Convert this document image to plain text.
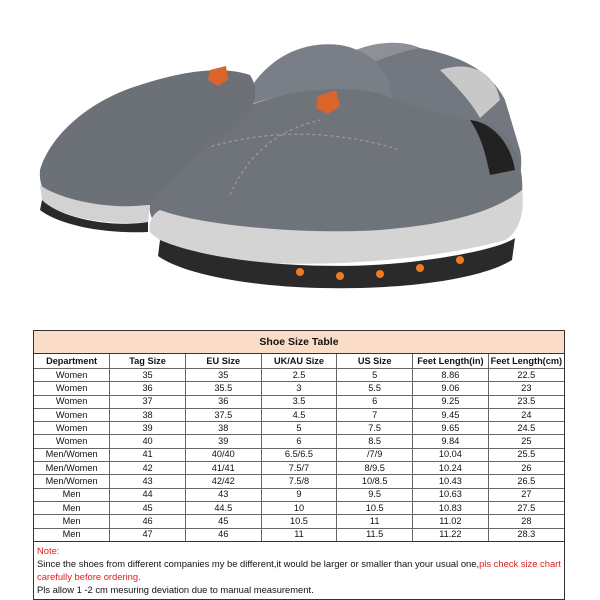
Shoe Size Table
Department	Tag Size	EU Size	UK/AU Size	US Size	Feet Length(in)	Feet Length(cm)
Women	35	35	2.5	5	8.86	22.5
Women	36	35.5	3	5.5	9.06	23
Women	37	36	3.5	6	9.25	23.5
Women	38	37.5	4.5	7	9.45	24
Women	39	38	5	7.5	9.65	24.5
Women	40	39	6	8.5	9.84	25
Men/Women	41	40/40	6.5/6.5	/7/9	10.04	25.5
Men/Women	42	41/41	7.5/7	8/9.5	10.24	26
Men/Women	43	42/42	7.5/8	10/8.5	10.43	26.5
Men	44	43	9	9.5	10.63	27
Men	45	44.5	10	10.5	10.83	27.5
Men	46	45	10.5	11	11.02	28
Men	47	46	11	11.5	11.22	28.3
Note:
Since the shoes from different companies my be different,it would be larger or smaller than your usual one,pls check size chart carefully before ordering.
Pls allow 1 -2 cm mesuring deviation due to manual measurement.
